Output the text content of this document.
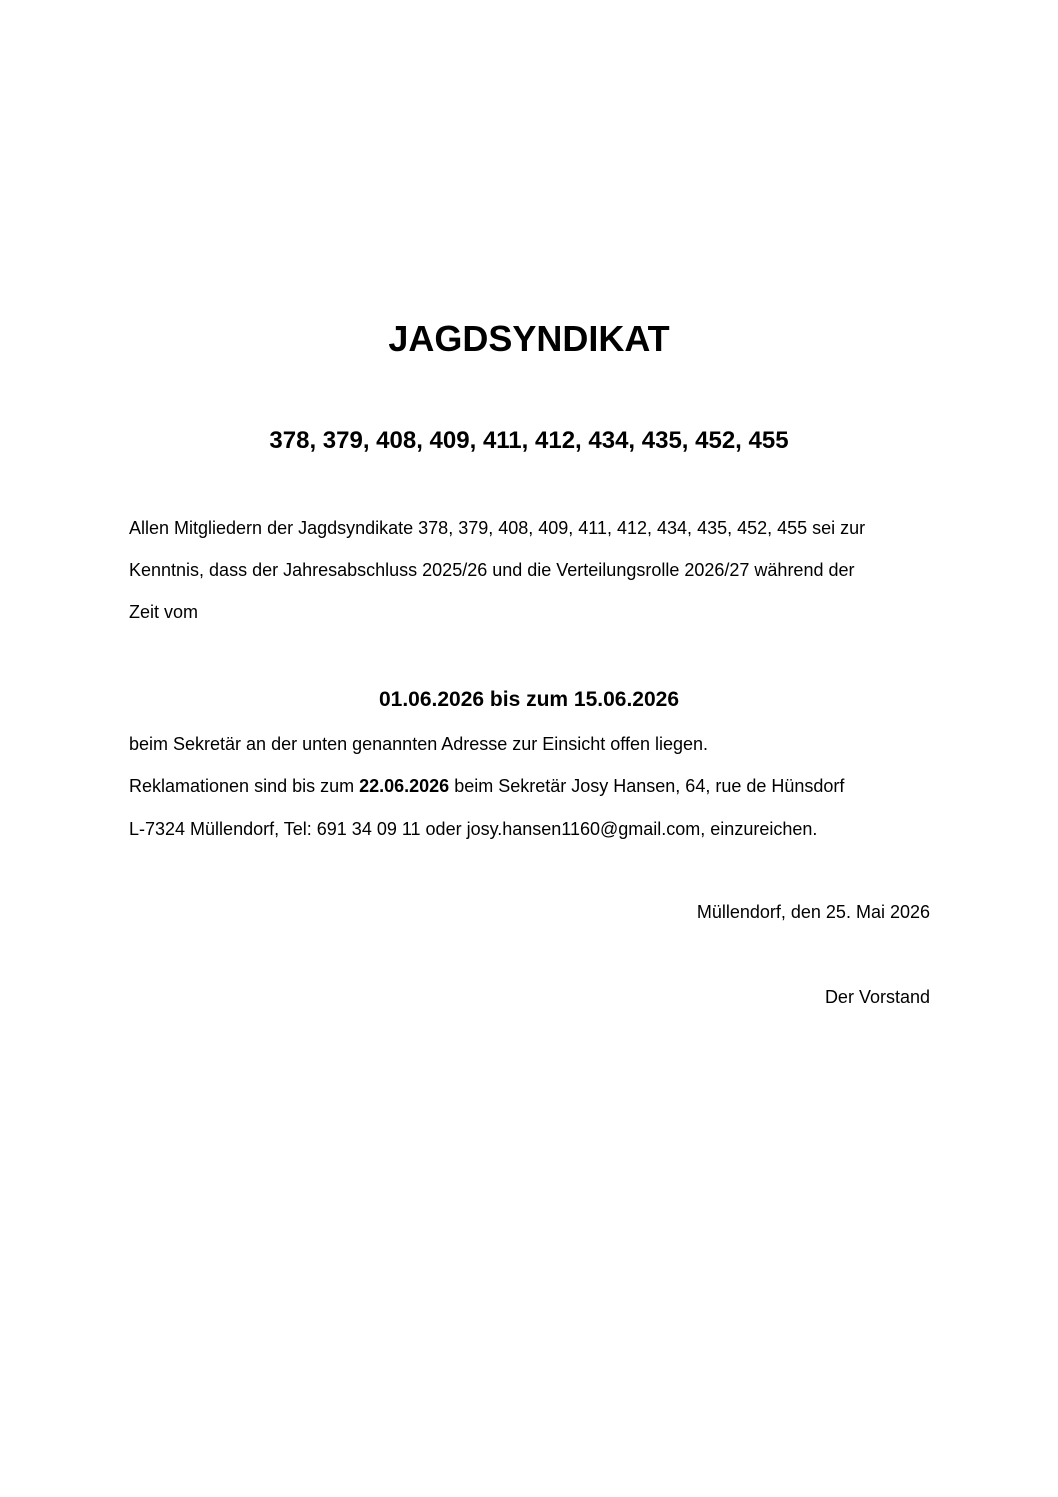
JAGDSYNDIKAT
378, 379, 408, 409, 411, 412, 434, 435, 452, 455
Allen Mitgliedern der Jagdsyndikate 378, 379, 408, 409, 411, 412, 434, 435, 452, 455 sei zur
Kenntnis, dass der Jahresabschluss 2025/26 und die Verteilungsrolle 2026/27 während der
Zeit vom
01.06.2026 bis zum 15.06.2026
beim Sekretär an der unten genannten Adresse zur Einsicht offen liegen.
Reklamationen sind bis zum 22.06.2026 beim Sekretär Josy Hansen, 64, rue de Hünsdorf
L-7324 Müllendorf, Tel: 691 34 09 11 oder josy.hansen1160@gmail.com, einzureichen.
Müllendorf, den 25. Mai 2026
Der Vorstand
